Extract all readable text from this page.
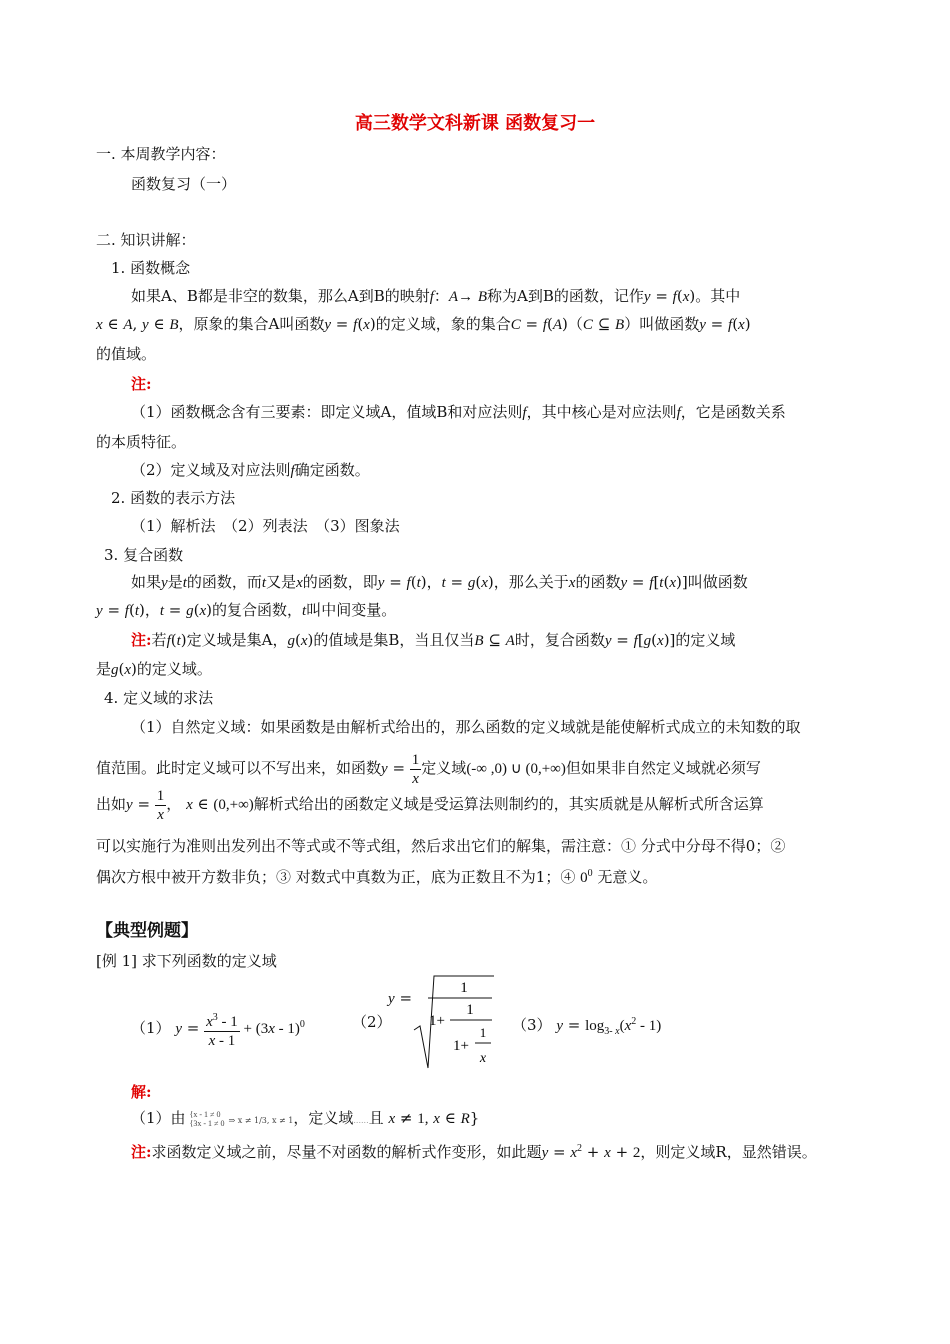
高三数学文科新课 函数复习一
一. 本周教学内容：
函数复习（一）
二. 知识讲解：
1. 函数概念
如果A、B都是非空的数集，那么A到B的映射f：A→ B称为A到B的函数，记作y = f(x)。其中
x ∈ A, y ∈ B，原象的集合A叫函数y = f(x)的定义域，象的集合C = f(A)（C ⊆ B）叫做函数y = f(x)
的值域。
注:
（1）函数概念含有三要素：即定义域A，值域B和对应法则f，其中核心是对应法则f，它是函数关系
的本质特征。
（2）定义域及对应法则f确定函数。
2. 函数的表示方法
（1）解析法　（2）列表法　（3）图象法
3. 复合函数
如果y是t的函数，而t又是x的函数，即y = f(t)，t = g(x)，那么关于x的函数y = f[t(x)]叫做函数
y = f(t)，t = g(x)的复合函数，t叫中间变量。
注:若f(t)定义域是集A，g(x)的值域是集B，当且仅当B ⊆ A时，复合函数y = f[g(x)]的定义域
是g(x)的定义域。
4. 定义域的求法
（1）自然定义域：如果函数是由解析式给出的，那么函数的定义域就是能使解析式成立的未知数的取
值范围。此时定义域可以不写出来，如函数$y = \frac{1}{x}$ 定义域(-∞ ,0) ∪ (0,+∞)但如果非自然定义域就必须写
出如$y = \frac{1}{x}$ ， x ∈ (0,+∞)解析式给出的函数定义域是受运算法则制约的，其实质就是从解析式所含运算
可以实施行为准则出发列出不等式或不等式组，然后求出它们的解集，需注意：① 分式中分母不得0；②
偶次方根中被开方数非负；③ 对数式中真数为正，底为正数且不为1；④ $0^0$ 无意义。
【典型例题】
[例 1] 求下列函数的定义域
（1） $y = \frac{x^3 - 1}{x - 1} + (3x - 1)^0$	（2）
y =
1
1+
1
1+
1
x
（3） $y = \log_{3- x}(x^2 - 1)$
解:
（1）由 {x - 1 ≠ 0
{3x - 1 ≠ 0 ⇒ x ≠ 1/3, x ≠ 1，定义域......且 x ≠ 1, x ∈ R}
注:求函数定义域之前，尽量不对函数的解析式作变形，如此题$y = x^2 + x + 2$，则定义域R，显然错误。
